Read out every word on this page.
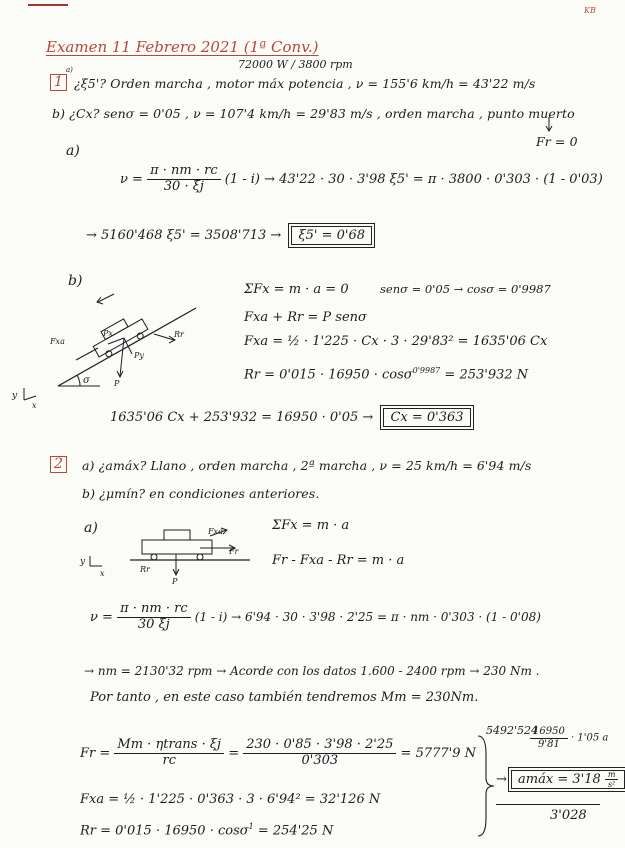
KB
Examen 11 Febrero 2021 (1ª Conv.)
1
a)	72000 W / 3800 rpm
¿ξ5'? Orden marcha , motor máx potencia , ν = 155'6 km/h = 43'22 m/s
b) ¿Cx? senσ = 0'05 , ν = 107'4 km/h = 29'83 m/s , orden marcha , punto muerto
Fr = 0
a)
$\nu = \frac{\pi \cdot nm \cdot rc}{30 \cdot \xi j} (1 - i) \to 43'22 \cdot 30 \cdot 3'98$ ξ5' = π · 3800 · 0'303 · (1 - 0'03)
→ 5160'468 ξ5' = 3508'713 → ξ5' = 0'68
b)
σ	P
Px
Py
Fxa
Rr
y
x
ΣFx = m · a = 0	senσ = 0'05 → cosσ = 0'9987
Fxa + Rr = P senσ
Fxa = ½ · 1'225 · Cx · 3 · 29'83² = 1635'06 Cx
Rr = 0'015 · 16950 · cosσ$^{0'9987}$ = 253'932 N
1635'06 Cx + 253'932 = 16950 · 0'05 → Cx = 0'363
2	a) ¿amáx? Llano , orden marcha , 2ª marcha , ν = 25 km/h = 6'94 m/s
b) ¿μmín? en condiciones anteriores.
a)	Fxa
Fr
Rr
P
y
x
ΣFx = m · a
Fr - Fxa - Rr = m · a
$\nu = \frac{\pi \cdot nm \cdot rc}{30 \xi j} (1 - i) \to 6'94 \cdot 30 \cdot 3'98 \cdot 2'25 = \pi$ · nm · 0'303 · (1 - 0'08)
→ nm = 2130'32 rpm → Acorde con los datos 1.600 - 2400 rpm → 230 Nm .
Por tanto , en este caso también tendremos Mm = 230Nm.
$Fr = \frac{\text{Mm · ηtrans · ξj}}{rc} = \frac{230 \cdot 0'85 \cdot 3'98 \cdot 2'25}{0'303} = 5777'9$ N
Fxa = ½ · 1'225 · 0'363 · 3 · 6'94² = 32'126 N
Rr = 0'015 · 16950 · cosσ$^1$ = 254'25 N
5492'524
$\frac{16950}{9'81} \cdot 1'05$ a
→ amáx = $3'18 \frac{m}{\text{s²}}$
3'028
